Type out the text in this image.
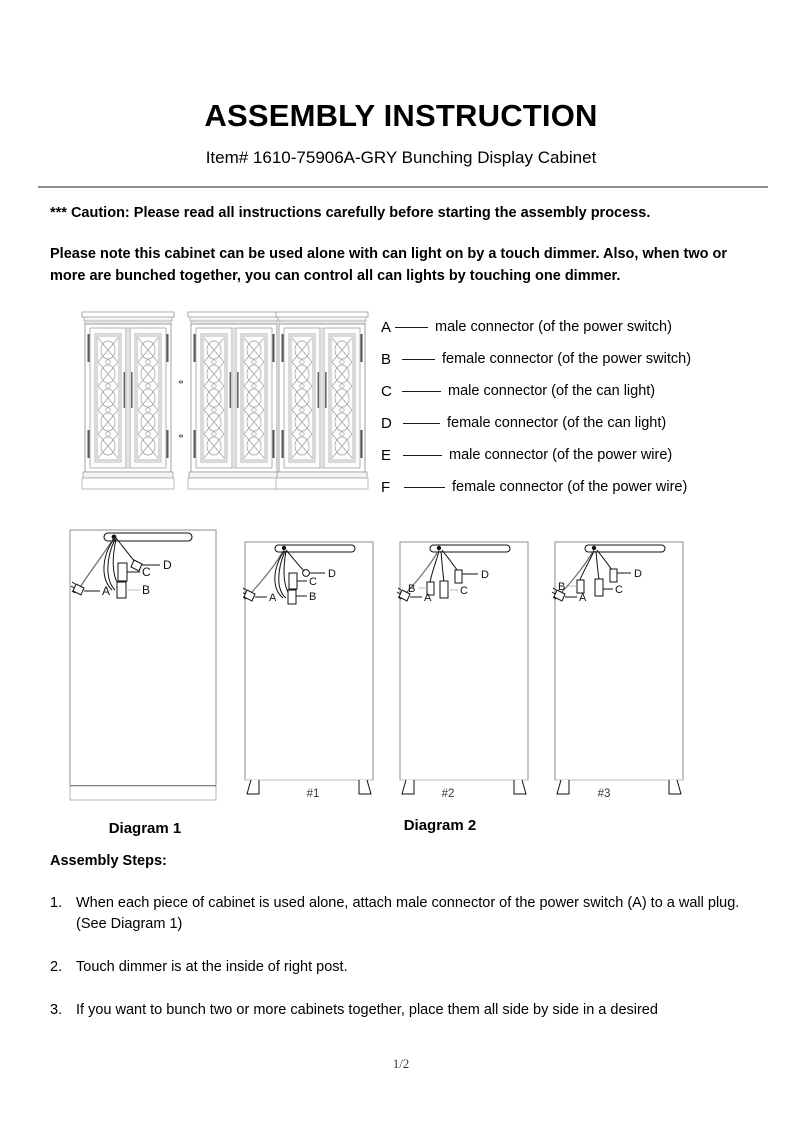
ASSEMBLY INSTRUCTION
Item# 1610-75906A-GRY Bunching Display Cabinet
*** Caution: Please read all instructions carefully before starting the assembly process.
Please note this cabinet can be used alone with can light on by a touch dimmer. Also, when two or more are bunched together, you can control all can lights by touching one dimmer.
A	male connector (of the power switch)
B	female connector (of the power switch)
C	male connector (of the can light)
D	female connector (of the can light)
E	male connector (of the power wire)
F	female connector (of the power wire)
D
C
B
A
Diagram 1
D
C
B
A
D
C
B
A
D
C
B
A
#1	#2	#3
Diagram 2
Assembly Steps:
1. When each piece of cabinet is used alone, attach male connector of the power switch (A) to a wall plug. (See Diagram 1)
2. Touch dimmer is at the inside of right post.
3. If you want to bunch two or more cabinets together, place them all side by side in a desired
1/2
